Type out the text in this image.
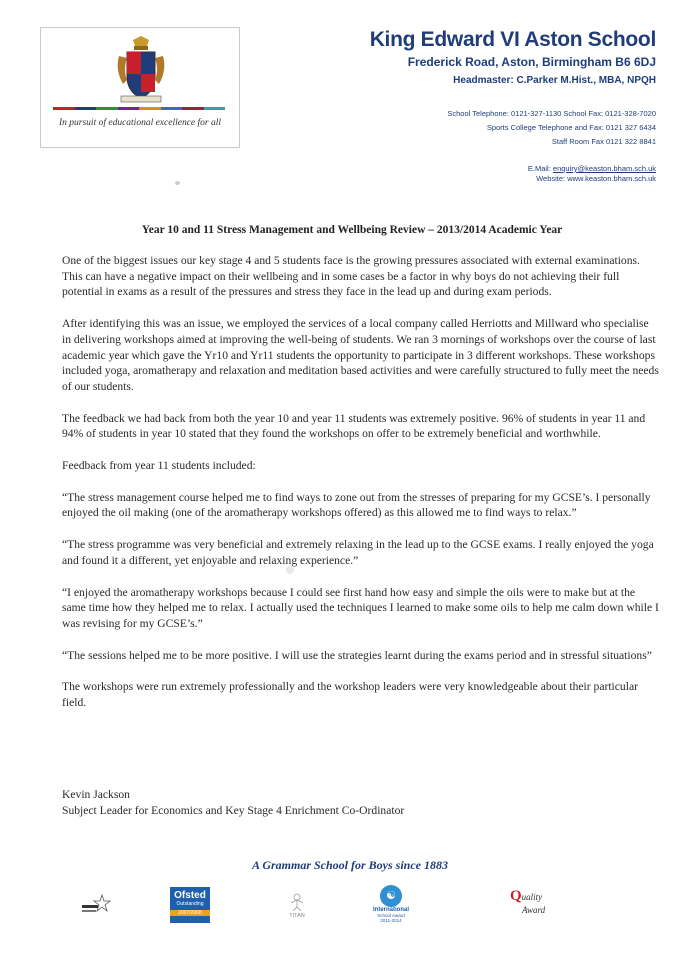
In pursuit of educational excellence for all
King Edward VI Aston School
Frederick Road, Aston, Birmingham B6 6DJ
Headmaster: C.Parker M.Hist., MBA, NPQH
School Telephone: 0121-327-1130 School Fax: 0121-328-7020
Sports College Telephone and Fax: 0121 327 6434
Staff Room Fax 0121 322 8841
E.Mail: enquiry@keaston.bham.sch.uk
Website: www.keaston.bham.sch.uk
Year 10 and 11 Stress Management and Wellbeing Review – 2013/2014 Academic Year

One of the biggest issues our key stage 4 and 5 students face is the growing pressures associated with external examinations. This can have a negative impact on their wellbeing and in some cases be a factor in why boys do not achieving their full potential in exams as a result of the pressures and stress they face in the lead up and during exam periods.

After identifying this was an issue, we employed the services of a local company called Herriotts and Millward who specialise in delivering workshops aimed at improving the well-being of students. We ran 3 mornings of workshops over the course of last academic year which gave the Yr10 and Yr11 students the opportunity to participate in 3 different workshops. These workshops included yoga, aromatherapy and relaxation and meditation based activities and were carefully structured to fully meet the needs of our students.

The feedback we had back from both the year 10 and year 11 students was extremely positive. 96% of students in year 11 and 94% of students in year 10 stated that they found the workshops on offer to be extremely beneficial and worthwhile.

Feedback from year 11 students included:

“The stress management course helped me to find ways to zone out from the stresses of preparing for my GCSE’s. I personally enjoyed the oil making (one of the aromatherapy workshops offered) as this allowed me to find ways to relax.”

“The stress programme was very beneficial and extremely relaxing in the lead up to the GCSE exams. I really enjoyed the yoga and found it a different, yet enjoyable and relaxing experience.”

“I enjoyed the aromatherapy workshops because I could see first hand how easy and simple the oils were to make but at the same time how they helped me to relax. I actually used the techniques I learned to make some oils to help me calm down while I was revising for my GCSE’s.”

“The sessions helped me to be more positive. I will use the strategies learnt during the exams period and in stressful situations”

The workshops were run extremely professionally and the workshop leaders were very knowledgeable about their particular field.

Kevin Jackson
Subject Leader for Economics and Key Stage 4 Enrichment Co-Ordinator
A Grammar School for Boys since 1883
Ofsted
Outstanding
2007/2008	TITAN
☯
International
School Award
2011-2014
Quality
Award
